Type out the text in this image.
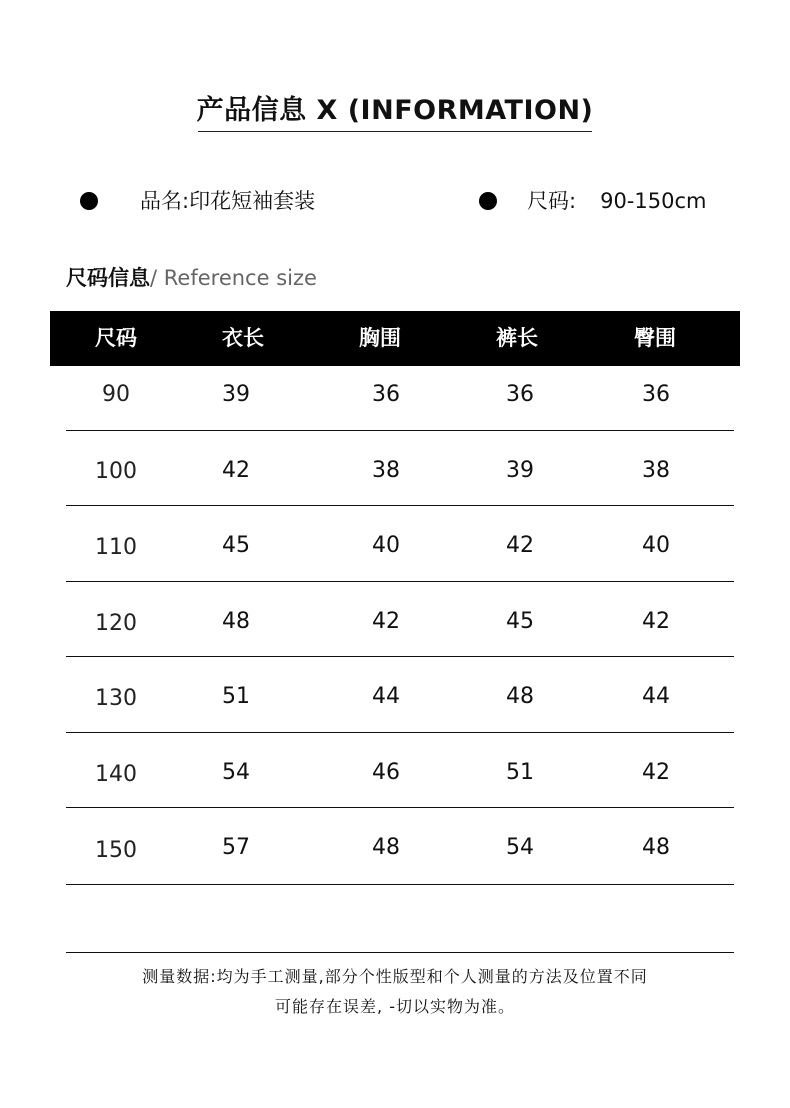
产品信息 X (INFORMATION)
品名:印花短袖套装	尺码: 90-150cm
尺码信息/ Reference size
尺码	衣长	胸围	裤长	臀围
90	39	36	36	36
100	42	38	39	38
110	45	40	42	40
120	48	42	45	42
130	51	44	48	44
140	54	46	51	42
150	57	48	54	48
测量数据:均为手工测量,部分个性版型和个人测量的方法及位置不同
可能存在误差, -切以实物为准。
